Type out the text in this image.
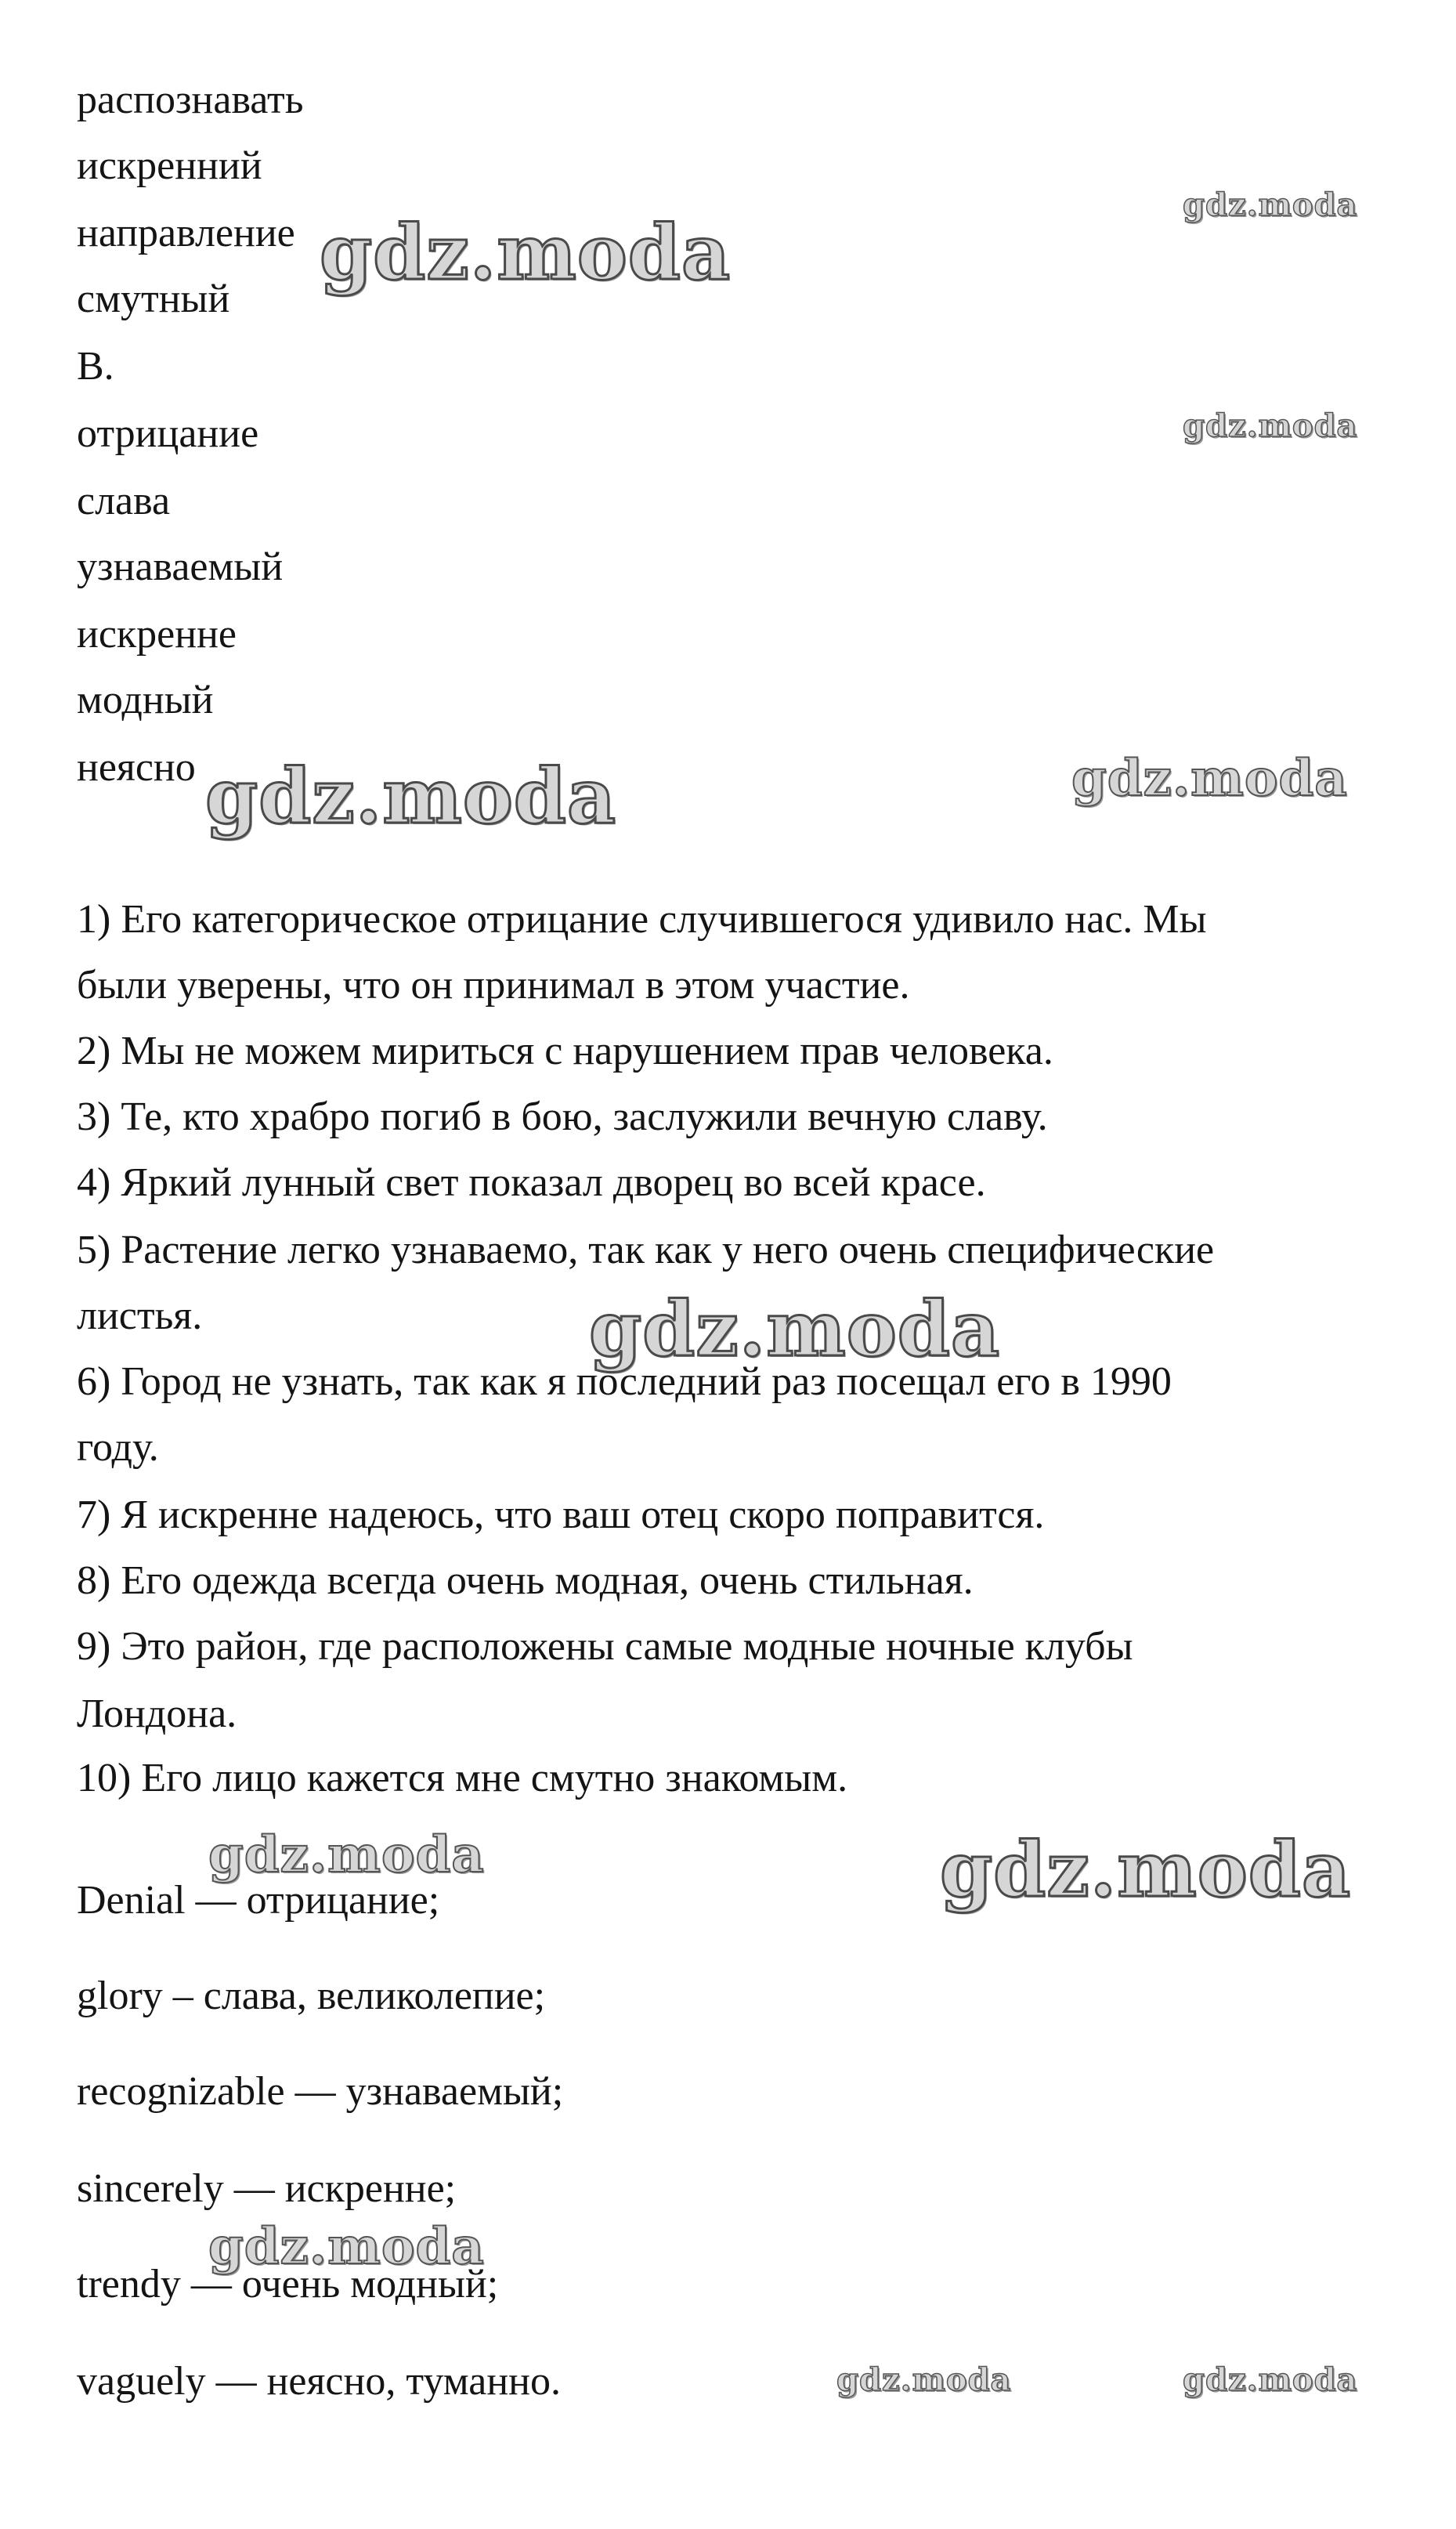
распознавать
искренний
направление
смутный
B.
отрицание
слава
узнаваемый
искренне
модный
неясно
1) Его категорическое отрицание случившегося удивило нас. Мы
были уверены, что он принимал в этом участие.
2) Мы не можем мириться с нарушением прав человека.
3) Те, кто храбро погиб в бою, заслужили вечную славу.
4) Яркий лунный свет показал дворец во всей красе.
5) Растение легко узнаваемо, так как у него очень специфические
листья.
6) Город не узнать, так как я последний раз посещал его в 1990
году.
7) Я искренне надеюсь, что ваш отец скоро поправится.
8) Его одежда всегда очень модная, очень стильная.
9) Это район, где расположены самые модные ночные клубы
Лондона.
10) Его лицо кажется мне смутно знакомым.
Denial — отрицание;
glory – слава, великолепие;
recognizable — узнаваемый;
sincerely — искренне;
trendy — очень модный;
vaguely — неясно, туманно.
gdz.moda
gdz.moda
gdz.moda
gdz.moda	gdz.moda
gdz.moda
gdz.moda	gdz.moda
gdz.moda
gdz.moda	gdz.moda
